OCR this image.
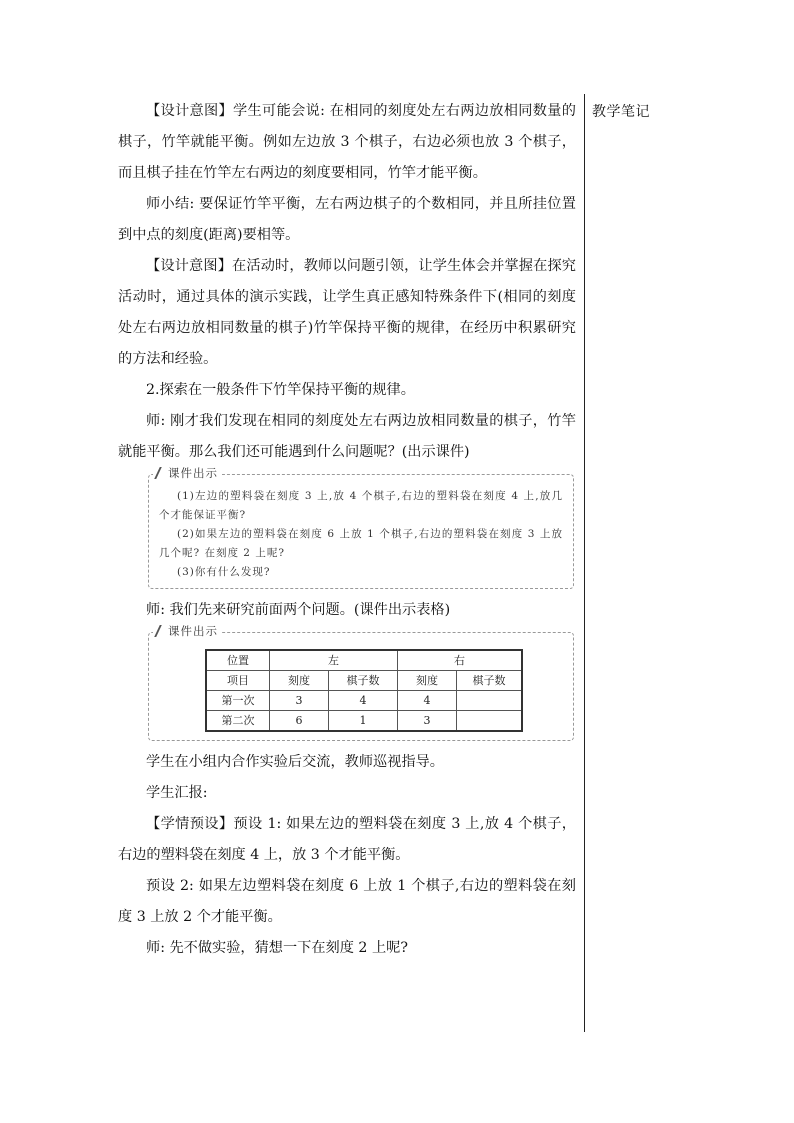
教学笔记

【设计意图】学生可能会说: 在相同的刻度处左右两边放相同数量的棋子，竹竿就能平衡。例如左边放 3 个棋子，右边必须也放 3 个棋子，而且棋子挂在竹竿左右两边的刻度要相同，竹竿才能平衡。

师小结: 要保证竹竿平衡，左右两边棋子的个数相同，并且所挂位置到中点的刻度(距离)要相等。

【设计意图】在活动时，教师以问题引领，让学生体会并掌握在探究活动时，通过具体的演示实践，让学生真正感知特殊条件下(相同的刻度处左右两边放相同数量的棋子)竹竿保持平衡的规律，在经历中积累研究的方法和经验。

2.探索在一般条件下竹竿保持平衡的规律。

师: 刚才我们发现在相同的刻度处左右两边放相同数量的棋子，竹竿就能平衡。那么我们还可能遇到什么问题呢？(出示课件)

课件出示

(1)左边的塑料袋在刻度 3 上,放 4 个棋子,右边的塑料袋在刻度 4 上,放几个才能保证平衡?

(2)如果左边的塑料袋在刻度 6 上放 1 个棋子,右边的塑料袋在刻度 3 上放几个呢? 在刻度 2 上呢?

(3)你有什么发现?

师: 我们先来研究前面两个问题。(课件出示表格)

课件出示
位置	左		右	
项目	刻度	棋子数	刻度	棋子数
第一次	3	4	4	
第二次	6	1	3	

学生在小组内合作实验后交流，教师巡视指导。

学生汇报:

【学情预设】预设 1: 如果左边的塑料袋在刻度 3 上,放 4 个棋子，右边的塑料袋在刻度 4 上，放 3 个才能平衡。

预设 2: 如果左边塑料袋在刻度 6 上放 1 个棋子,右边的塑料袋在刻度 3 上放 2 个才能平衡。

师: 先不做实验，猜想一下在刻度 2 上呢?
